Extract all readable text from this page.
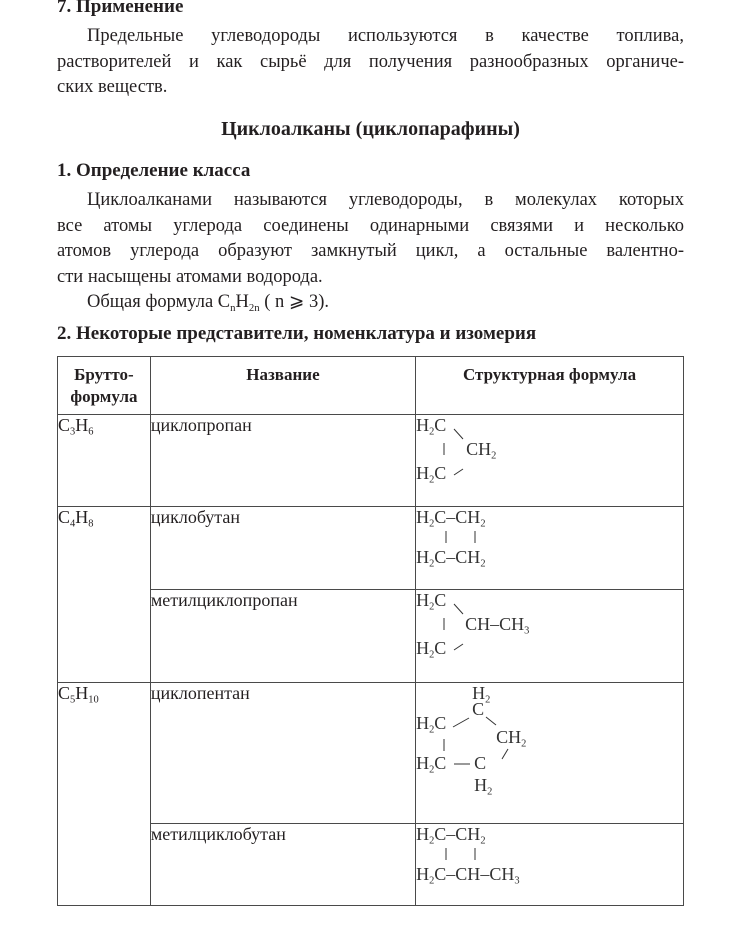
7. Применение
Предельные углеводороды используются в качестве топлива,
растворителей и как сырьё для получения разнообразных органиче-
ских веществ.
Циклоалканы (циклопарафины)
1. Определение класса
Циклоалканами называются углеводороды, в молекулах которых
все атомы углерода соединены одинарными связями и несколько
атомов углерода образуют замкнутый цикл, а остальные валентно-
сти насыщены атомами водорода.
Общая формула $C_nH_{2n}$ ( n ⩾ 3).
2. Некоторые представители, номенклатура и изомерия
Брутто-
формула	Название	Структурная формула
$C_3H_6$	циклопропан	$H_2C$
$CH_2$
$H_2C$

$C_4H_8$	циклобутан	$H_2C-CH_2$
$H_2C-CH_2$

	метилциклопропан	$H_2C$
$CH-CH_3$
$H_2C$

$C_5H_{10}$	циклопентан	$H_2$
C
$H_2C$
$CH_2$
$H_2C$ C
$H_2$

	метилциклобутан	$H_2C-CH_2$
$H_2C-CH-CH_3$
